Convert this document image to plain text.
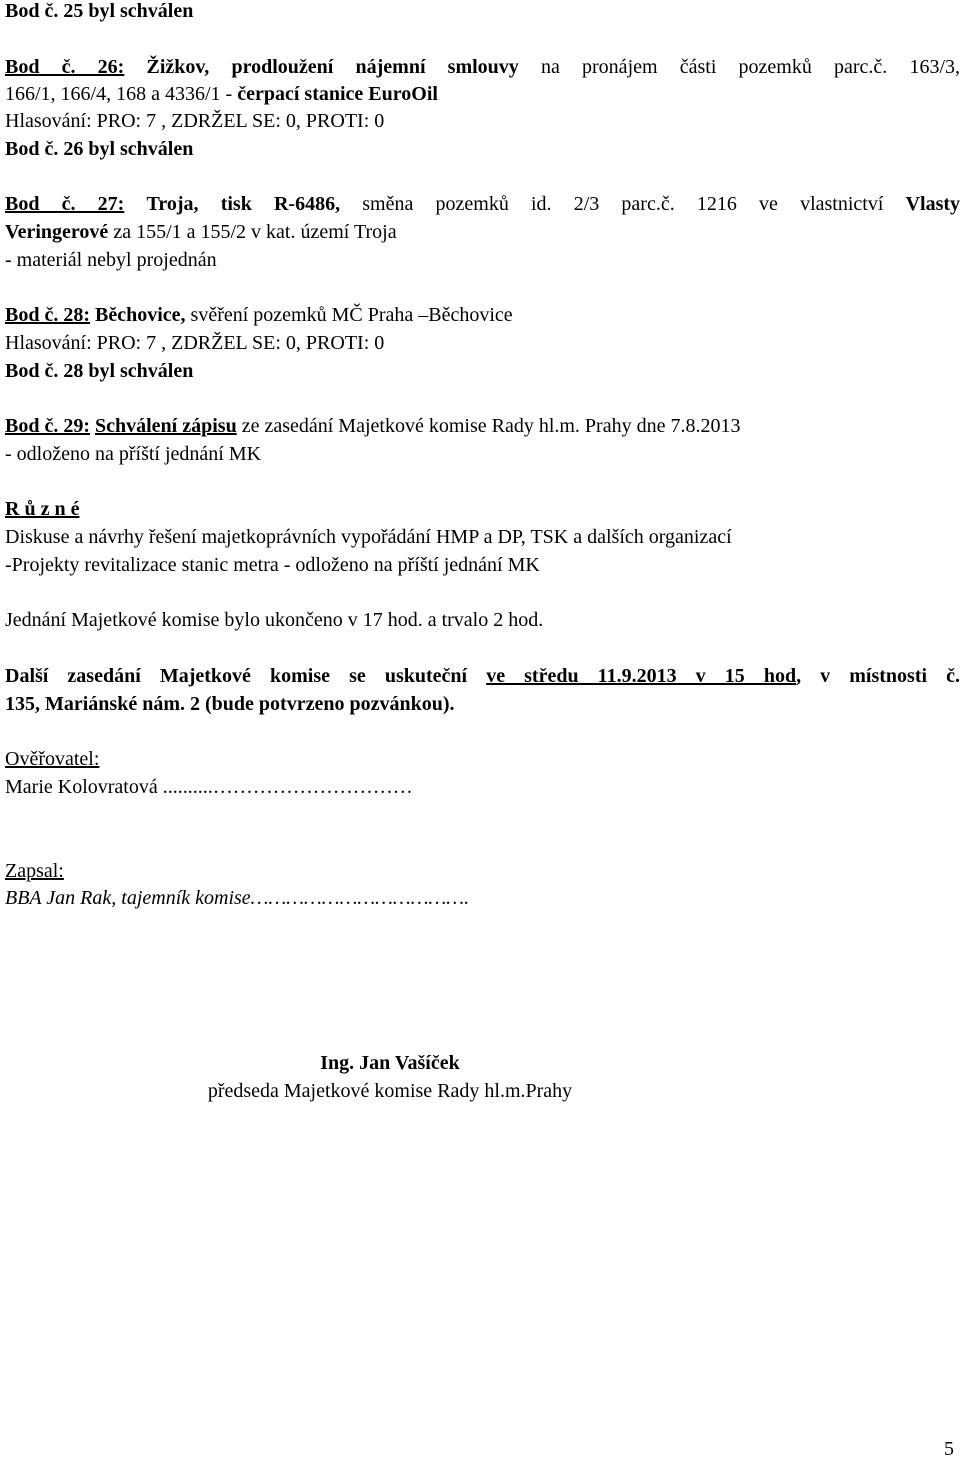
Bod č. 25 byl schválen
Bod č. 26: Žižkov, prodloužení nájemní smlouvy na pronájem části pozemků parc.č. 163/3,
166/1, 166/4, 168 a 4336/1 - čerpací stanice EuroOil
Hlasování: PRO: 7 , ZDRŽEL SE: 0, PROTI: 0
Bod č. 26 byl schválen
Bod č. 27: Troja, tisk R-6486, směna pozemků id. 2/3 parc.č. 1216 ve vlastnictví Vlasty
Veringerové za 155/1 a 155/2 v kat. území Troja
- materiál nebyl projednán
Bod č. 28: Běchovice, svěření pozemků MČ Praha –Běchovice
Hlasování: PRO: 7 , ZDRŽEL SE: 0, PROTI: 0
Bod č. 28 byl schválen
Bod č. 29: Schválení zápisu ze zasedání Majetkové komise Rady hl.m. Prahy dne 7.8.2013
- odloženo na příští jednání MK
R ů z n é
Diskuse a návrhy řešení majetkoprávních vypořádání HMP a DP, TSK a dalších organizací
-Projekty revitalizace stanic metra - odloženo na příští jednání MK
Jednání Majetkové komise bylo ukončeno v 17 hod. a trvalo 2 hod.
Další zasedání Majetkové komise se uskuteční ve středu 11.9.2013 v 15 hod, v místnosti č.
135, Mariánské nám. 2 (bude potvrzeno pozvánkou).
Ověřovatel:
Marie Kolovratová ..........…………………………
Zapsal:
BBA Jan Rak, tajemník komise……………………………….
Ing. Jan Vašíček
předseda Majetkové komise Rady hl.m.Prahy
5
